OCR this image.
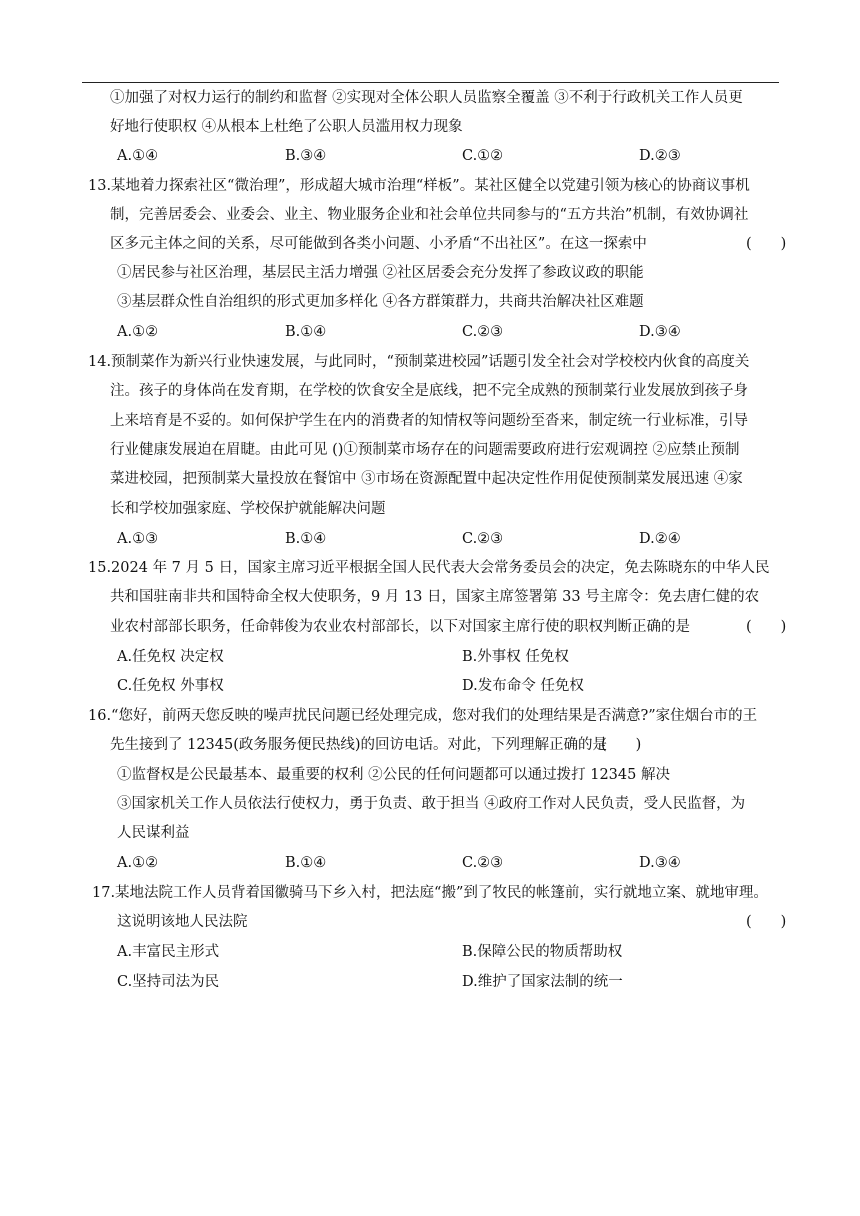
①加强了对权力运行的制约和监督 ②实现对全体公职人员监察全覆盖 ③不利于行政机关工作人员更
好地行使职权 ④从根本上杜绝了公职人员滥用权力现象
A.①④	B.③④	C.①②	D.②③
13.某地着力探索社区“微治理”，形成超大城市治理“样板”。某社区健全以党建引领为核心的协商议事机
制，完善居委会、业委会、业主、物业服务企业和社会单位共同参与的“五方共治”机制，有效协调社
区多元主体之间的关系，尽可能做到各类小问题、小矛盾“不出社区”。在这一探索中	(　　)
①居民参与社区治理，基层民主活力增强 ②社区居委会充分发挥了参政议政的职能
③基层群众性自治组织的形式更加多样化 ④各方群策群力，共商共治解决社区难题
A.①②	B.①④	C.②③	D.③④
14.预制菜作为新兴行业快速发展，与此同时，“预制菜进校园”话题引发全社会对学校校内伙食的高度关
注。孩子的身体尚在发育期，在学校的饮食安全是底线，把不完全成熟的预制菜行业发展放到孩子身
上来培育是不妥的。如何保护学生在内的消费者的知情权等问题纷至沓来，制定统一行业标准，引导
行业健康发展迫在眉睫。由此可见 ()①预制菜市场存在的问题需要政府进行宏观调控 ②应禁止预制
菜进校园，把预制菜大量投放在餐馆中 ③市场在资源配置中起决定性作用促使预制菜发展迅速 ④家
长和学校加强家庭、学校保护就能解决问题
A.①③	B.①④	C.②③	D.②④
15.2024 年 7 月 5 日，国家主席习近平根据全国人民代表大会常务委员会的决定，免去陈晓东的中华人民
共和国驻南非共和国特命全权大使职务，9 月 13 日，国家主席签署第 33 号主席令：免去唐仁健的农
业农村部部长职务，任命韩俊为农业农村部部长，以下对国家主席行使的职权判断正确的是	(　　)
A.任免权 决定权	B.外事权 任免权
C.任免权 外事权	D.发布命令 任免权
16.“您好，前两天您反映的噪声扰民问题已经处理完成，您对我们的处理结果是否满意?”家住烟台市的王
先生接到了 12345(政务服务便民热线)的回访电话。对此，下列理解正确的是
(　　)
①监督权是公民最基本、最重要的权利 ②公民的任何问题都可以通过拨打 12345 解决
③国家机关工作人员依法行使权力，勇于负责、敢于担当 ④政府工作对人民负责，受人民监督，为
人民谋利益
A.①②	B.①④	C.②③	D.③④
17.某地法院工作人员背着国徽骑马下乡入村，把法庭“搬”到了牧民的帐篷前，实行就地立案、就地审理。
这说明该地人民法院	(　　)
A.丰富民主形式	B.保障公民的物质帮助权
C.坚持司法为民	D.维护了国家法制的统一
